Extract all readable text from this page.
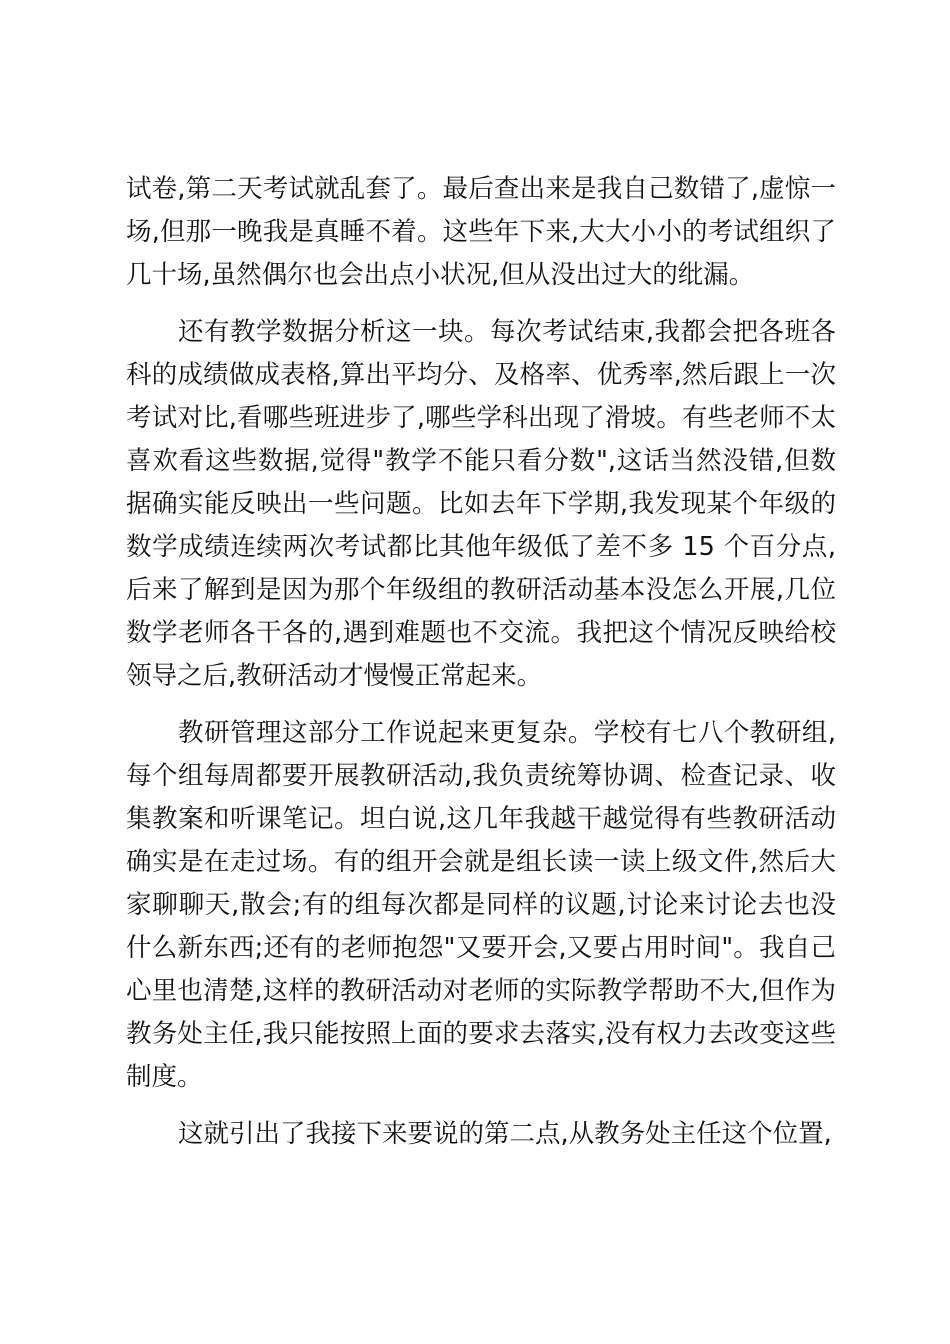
试卷,第二天考试就乱套了。最后查出来是我自己数错了,虚惊一
场,但那一晚我是真睡不着。这些年下来,大大小小的考试组织了
几十场,虽然偶尔也会出点小状况,但从没出过大的纰漏。
还有教学数据分析这一块。每次考试结束,我都会把各班各
科的成绩做成表格,算出平均分、及格率、优秀率,然后跟上一次
考试对比,看哪些班进步了,哪些学科出现了滑坡。有些老师不太
喜欢看这些数据,觉得"教学不能只看分数",这话当然没错,但数
据确实能反映出一些问题。比如去年下学期,我发现某个年级的
数学成绩连续两次考试都比其他年级低了差不多 15 个百分点,
后来了解到是因为那个年级组的教研活动基本没怎么开展,几位
数学老师各干各的,遇到难题也不交流。我把这个情况反映给校
领导之后,教研活动才慢慢正常起来。
教研管理这部分工作说起来更复杂。学校有七八个教研组,
每个组每周都要开展教研活动,我负责统筹协调、检查记录、收
集教案和听课笔记。坦白说,这几年我越干越觉得有些教研活动
确实是在走过场。有的组开会就是组长读一读上级文件,然后大
家聊聊天,散会;有的组每次都是同样的议题,讨论来讨论去也没
什么新东西;还有的老师抱怨"又要开会,又要占用时间"。我自己
心里也清楚,这样的教研活动对老师的实际教学帮助不大,但作为
教务处主任,我只能按照上面的要求去落实,没有权力去改变这些
制度。
这就引出了我接下来要说的第二点,从教务处主任这个位置,
